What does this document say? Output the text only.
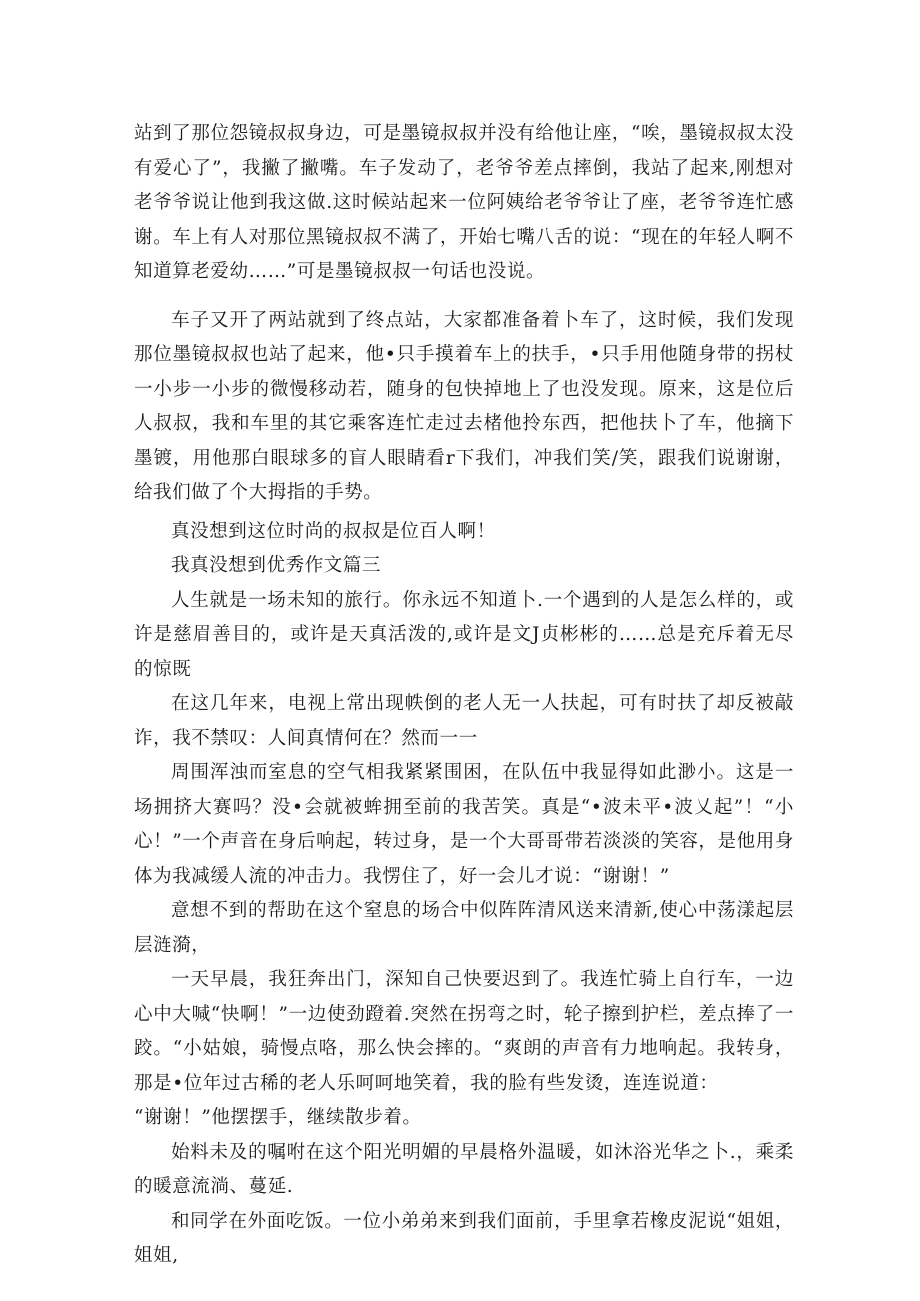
站到了那位怨镜叔叔身边，可是墨镜叔叔并没有给他让座，“唉，墨镜叔叔太没有爱心了”，我撇了撇嘴。车子发动了，老爷爷差点摔倒，我站了起来,刚想对老爷爷说让他到我这做.这时候站起来一位阿姨给老爷爷让了座，老爷爷连忙感谢。车上有人对那位黑镜叔叔不满了，开始七嘴八舌的说：“现在的年轻人啊不知道算老爱幼……”可是墨镜叔叔一句话也没说。

车子又开了两站就到了终点站，大家都准备着卜车了，这时候，我们发现那位墨镜叔叔也站了起来，他•只手摸着车上的扶手，•只手用他随身带的拐杖一小步一小步的微慢移动若，随身的包快掉地上了也没发现。原来，这是位后人叔叔，我和车里的其它乘客连忙走过去楮他拎东西，把他扶卜了车，他摘下墨镀，用他那白眼球多的盲人眼睛看r下我们，冲我们笑/笑，跟我们说谢谢，给我们做了个大拇指的手势。

真没想到这位时尚的叔叔是位百人啊！

我真没想到优秀作文篇三

人生就是一场未知的旅行。你永远不知道卜.一个遇到的人是怎么样的，或许是慈眉善目的，或许是天真活泼的,或许是文J贞彬彬的……总是充斥着无尽的惊既

在这几年来，电视上常出现帙倒的老人无一人扶起，可有时扶了却反被敲诈，我不禁叹：人间真情何在？然而一一

周围浑浊而室息的空气相我紧紧围困，在队伍中我显得如此渺小。这是一场拥挤大赛吗？没•会就被蛑拥至前的我苦笑。真是“•波未平•波乂起”！“小心！”一个声音在身后响起，转过身，是一个大哥哥带若淡淡的笑容，是他用身体为我减缓人流的冲击力。我愣住了，好一会儿才说：“谢谢！”

意想不到的帮助在这个窒息的场合中似阵阵清风送来清新,使心中荡漾起层层涟漪，

一天早晨，我狂奔出门，深知自己快要迟到了。我连忙骑上自行车，一边心中大喊“快啊！”一边使劲蹬着.突然在拐弯之时，轮子擦到护栏，差点捧了一跤。“小姑娘，骑慢点咯，那么快会摔的。“爽朗的声音有力地响起。我转身，那是•位年过古稀的老人乐呵呵地笑着，我的脸有些发烫，连连说道：

“谢谢！”他摆摆手，继续散步着。

始料未及的嘱咐在这个阳光明媚的早晨格外温暖，如沐浴光华之卜.，乘柔的暖意流淌、蔓延.

和同学在外面吃饭。一位小弟弟来到我们面前，手里拿若橡皮泥说“姐姐，姐姐,
